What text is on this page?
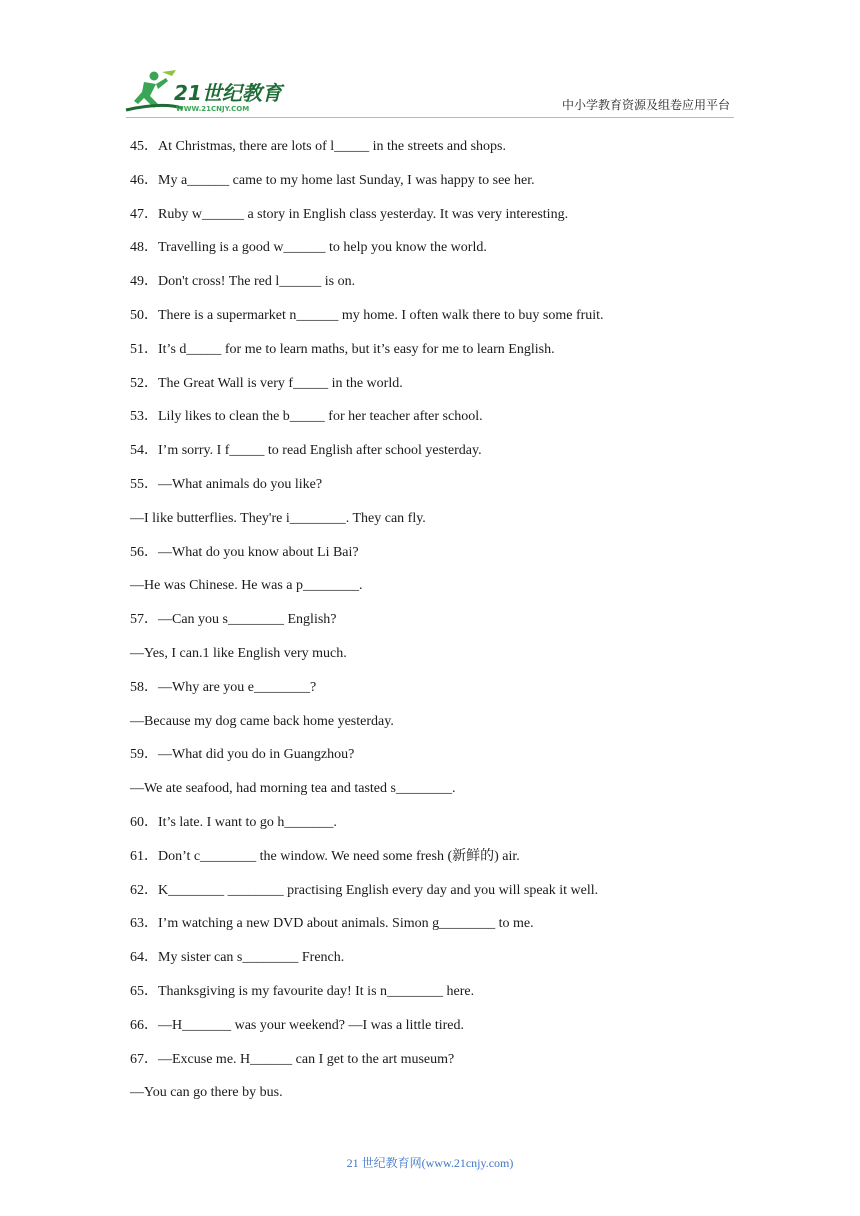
21世纪教育
WWW.21CNJY.COM	中小学教育资源及组卷应用平台
45．At Christmas, there are lots of l_____ in the streets and shops.
46．My a______ came to my home last Sunday, I was happy to see her.
47．Ruby w______ a story in English class yesterday. It was very interesting.
48．Travelling is a good w______ to help you know the world.
49．Don't cross! The red l______ is on.
50．There is a supermarket n______ my home. I often walk there to buy some fruit.
51．It’s d_____ for me to learn maths, but it’s easy for me to learn English.
52．The Great Wall is very f_____ in the world.
53．Lily likes to clean the b_____ for her teacher after school.
54．I’m sorry. I f_____ to read English after school yesterday.
55．—What animals do you like?
—I like butterflies. They're i________. They can fly.
56．—What do you know about Li Bai?
—He was Chinese. He was a p________.
57．—Can you s________ English?
—Yes, I can.1 like English very much.
58．—Why are you e________?
—Because my dog came back home yesterday.
59．—What did you do in Guangzhou?
—We ate seafood, had morning tea and tasted s________.
60．It’s late. I want to go h_______.
61．Don’t c________ the window. We need some fresh (新鲜的) air.
62．K________ ________ practising English every day and you will speak it well.
63．I’m watching a new DVD about animals. Simon g________ to me.
64．My sister can s________ French.
65．Thanksgiving is my favourite day! It is n________ here.
66．—H_______ was your weekend? —I was a little tired.
67．—Excuse me. H______ can I get to the art museum?
—You can go there by bus.
21 世纪教育网(www.21cnjy.com)
